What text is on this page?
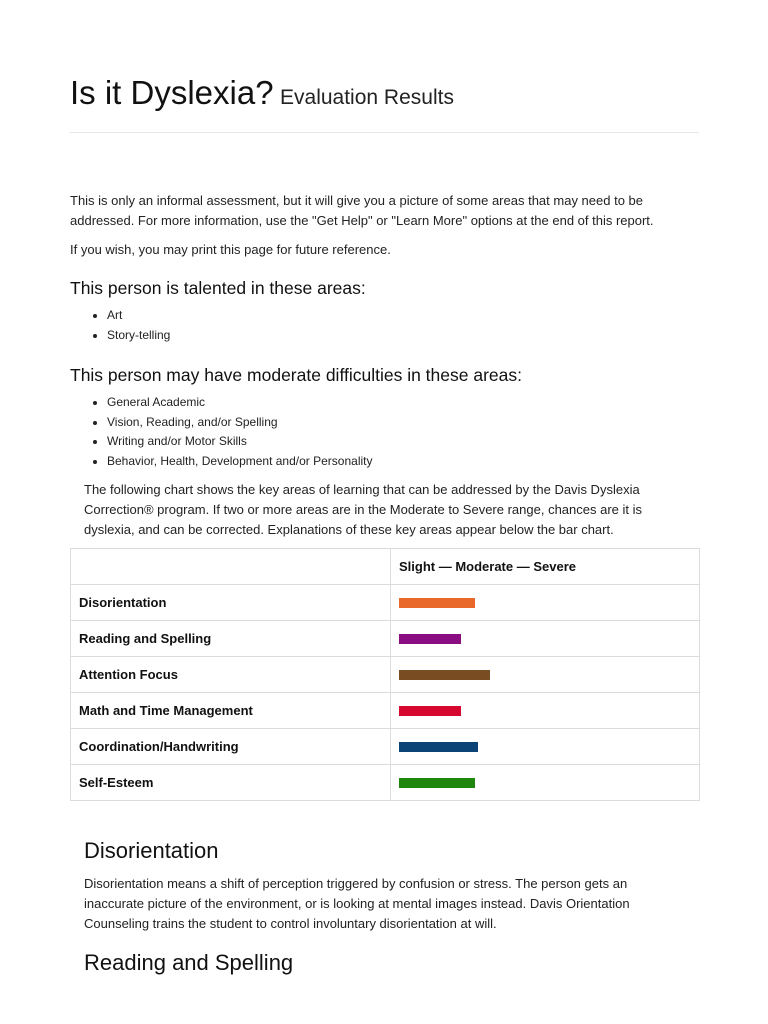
Is it Dyslexia? Evaluation Results

This is only an informal assessment, but it will give you a picture of some areas that may need to be addressed. For more information, use the "Get Help" or "Learn More" options at the end of this report.

If you wish, you may print this page for future reference.

This person is talented in these areas:
• Art
• Story-telling
This person may have moderate difficulties in these areas:
• General Academic
• Vision, Reading, and/or Spelling
• Writing and/or Motor Skills
• Behavior, Health, Development and/or Personality

The following chart shows the key areas of learning that can be addressed by the Davis Dyslexia Correction® program. If two or more areas are in the Moderate to Severe range, chances are it is dyslexia, and can be corrected. Explanations of these key areas appear below the bar chart.

	Slight — Moderate — Severe
Disorientation	

Reading and Spelling	

Attention Focus	

Math and Time Management	

Coordination/Handwriting	

Self-Esteem	
Disorientation

Disorientation means a shift of perception triggered by confusion or stress. The person gets an inaccurate picture of the environment, or is looking at mental images instead. Davis Orientation Counseling trains the student to control involuntary disorientation at will.

Reading and Spelling
